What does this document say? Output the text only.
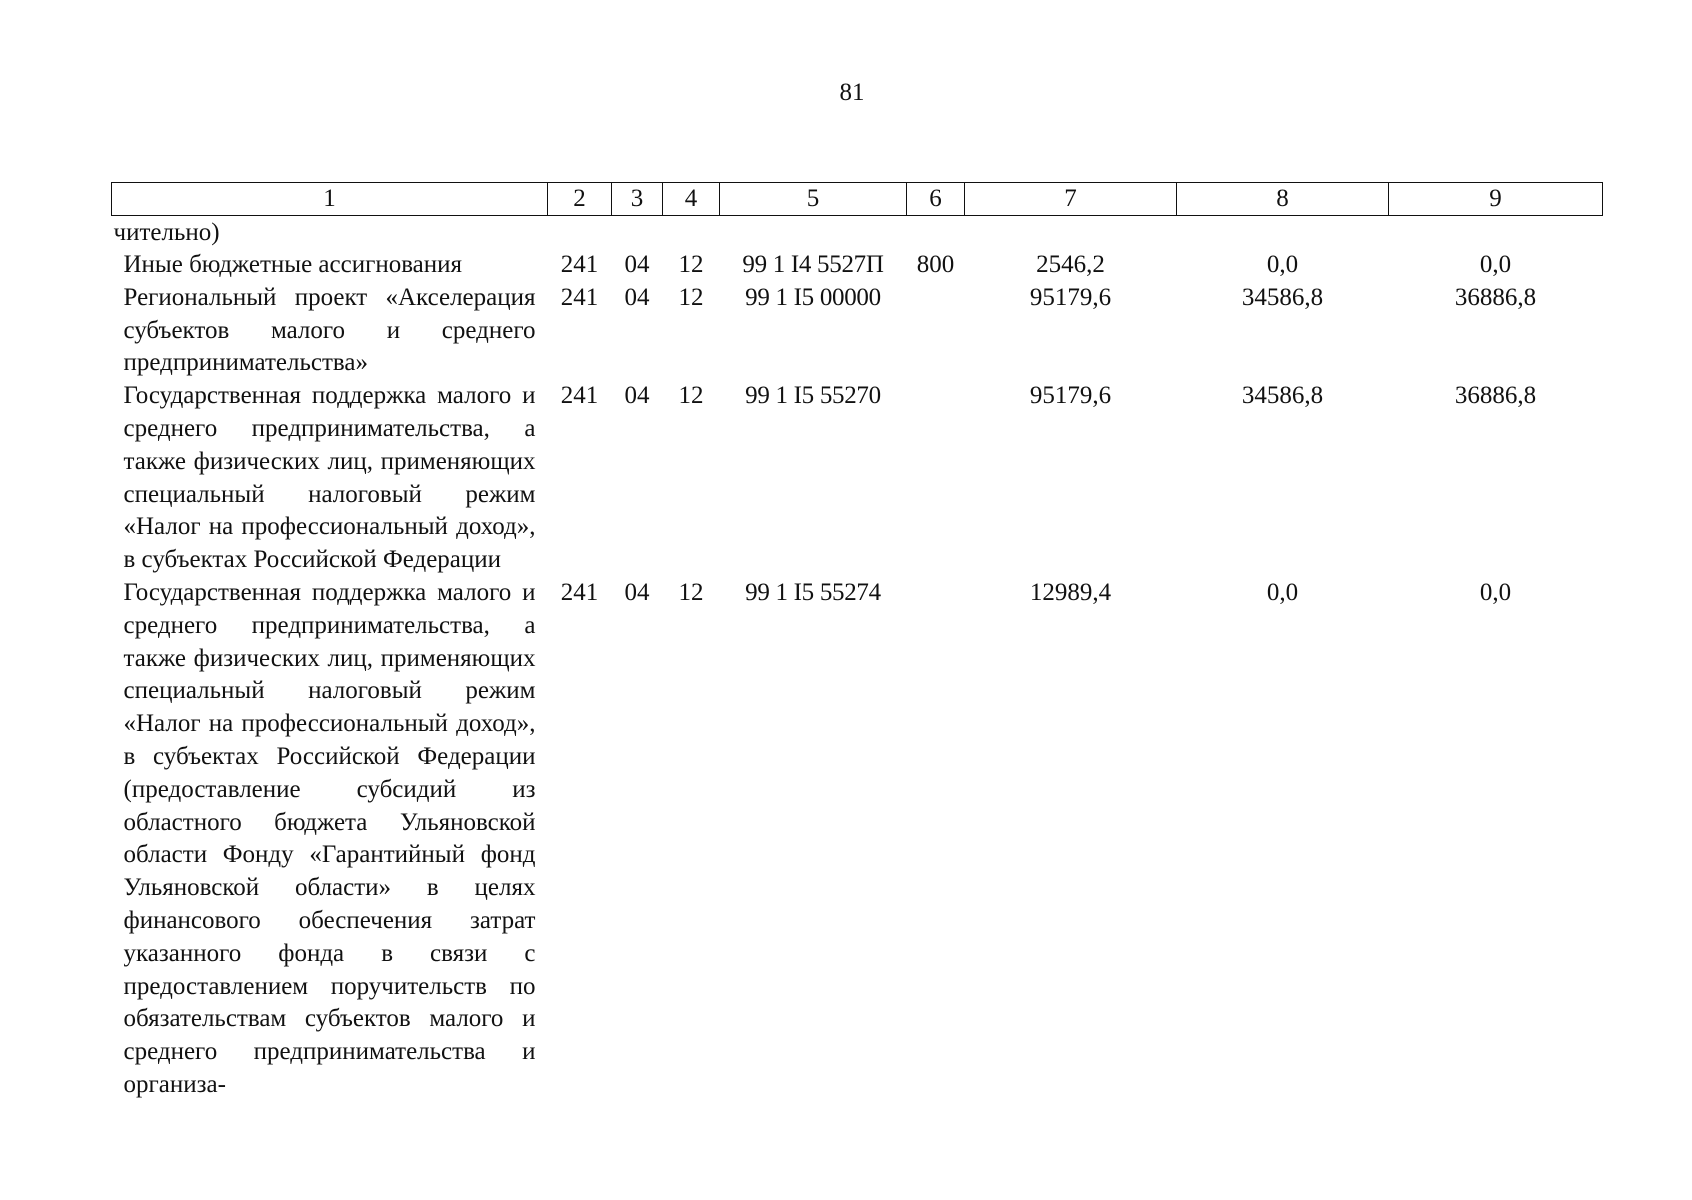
81
1	2	3	4	5	6	7	8	9
чительно)								
Иные бюджетные ассигнования	241	04	12	99 1 I4 5527П	800	2546,2	0,0	0,0
Региональный проект «Акселерация субъектов малого и среднего предпринимательства»	241	04	12	99 1 I5 00000		95179,6	34586,8	36886,8
Государственная поддержка малого и среднего предпринимательства, а также физических лиц, применяющих специальный налоговый режим «Налог на профессиональный доход», в субъектах Российской Федерации	241	04	12	99 1 I5 55270		95179,6	34586,8	36886,8
Государственная поддержка малого и среднего предпринимательства, а также физических лиц, применяющих специальный налоговый режим «Налог на профессиональный доход», в субъектах Российской Федерации (предоставление субсидий из областного бюджета Ульяновской области Фонду «Гарантийный фонд Ульяновской области» в целях финансового обеспечения затрат указанного фонда в связи с предоставлением поручительств по обязательствам субъектов малого и среднего предпринимательства и организа-	241	04	12	99 1 I5 55274		12989,4	0,0	0,0
